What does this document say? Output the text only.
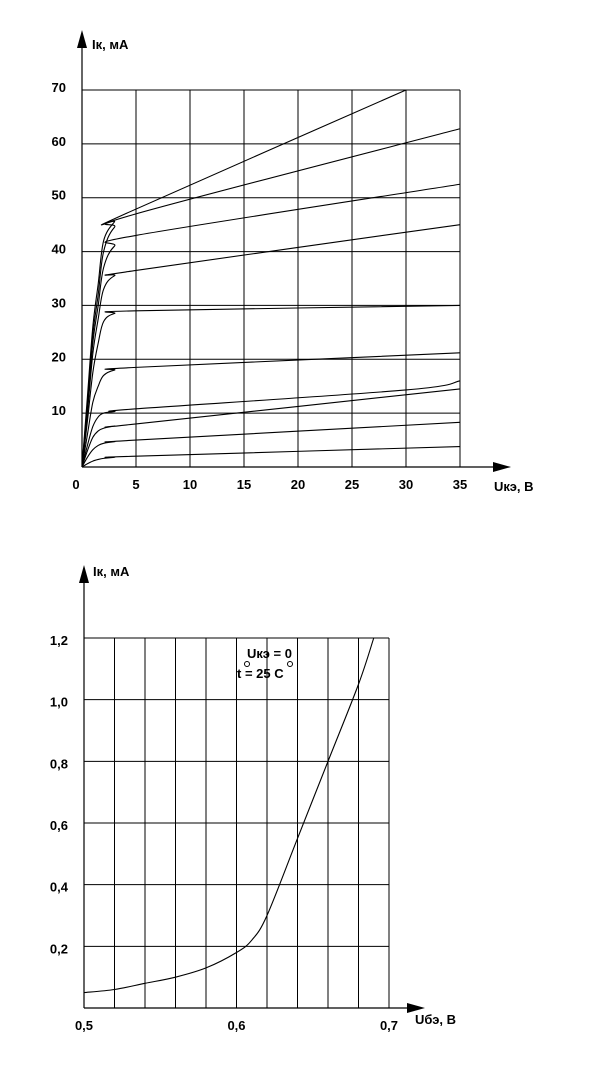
0	5	10	15	20	25	30	35
10
20
30
40
50
60
70
Iк, мА
Uкэ, В
0,5	0,6	0,7
0,2
0,4
0,6
0,8
1,0
1,2
Iк, мА
Uбэ, В
Uкэ = 0
t = 25 C
